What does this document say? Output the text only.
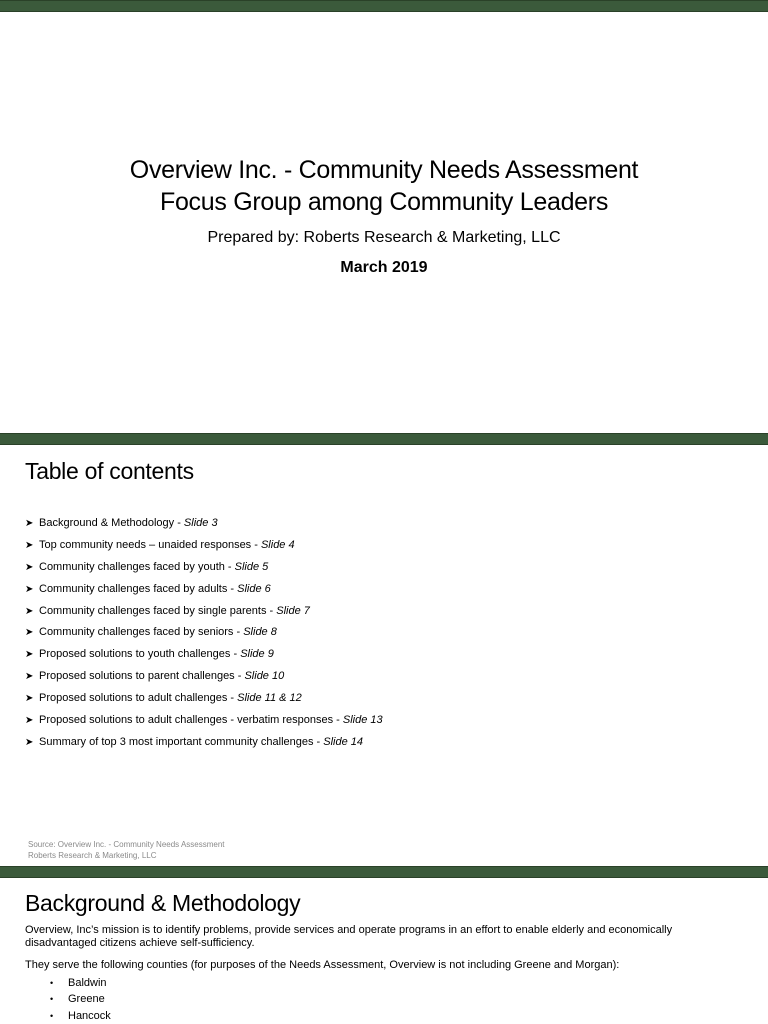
Overview Inc. - Community Needs Assessment
Focus Group among Community Leaders
Prepared by: Roberts Research & Marketing, LLC
March 2019
Table of contents
➤ Background & Methodology - Slide 3
➤ Top community needs – unaided responses - Slide 4
➤ Community challenges faced by youth - Slide 5
➤ Community challenges faced by adults - Slide 6
➤ Community challenges faced by single parents - Slide 7
➤ Community challenges faced by seniors - Slide 8
➤ Proposed solutions to youth challenges - Slide 9
➤ Proposed solutions to parent challenges - Slide 10
➤ Proposed solutions to adult challenges - Slide 11 & 12
➤ Proposed solutions to adult challenges - verbatim responses - Slide 13
➤ Summary of top 3 most important community challenges - Slide 14
Source: Overview Inc. - Community Needs Assessment
Roberts Research & Marketing, LLC
Background & Methodology
Overview, Inc’s mission is to identify problems, provide services and operate programs in an effort to enable elderly and economically disadvantaged citizens achieve self-sufficiency.
They serve the following counties (for purposes of the Needs Assessment, Overview is not including Greene and Morgan):
• Baldwin
• Greene
• Hancock
